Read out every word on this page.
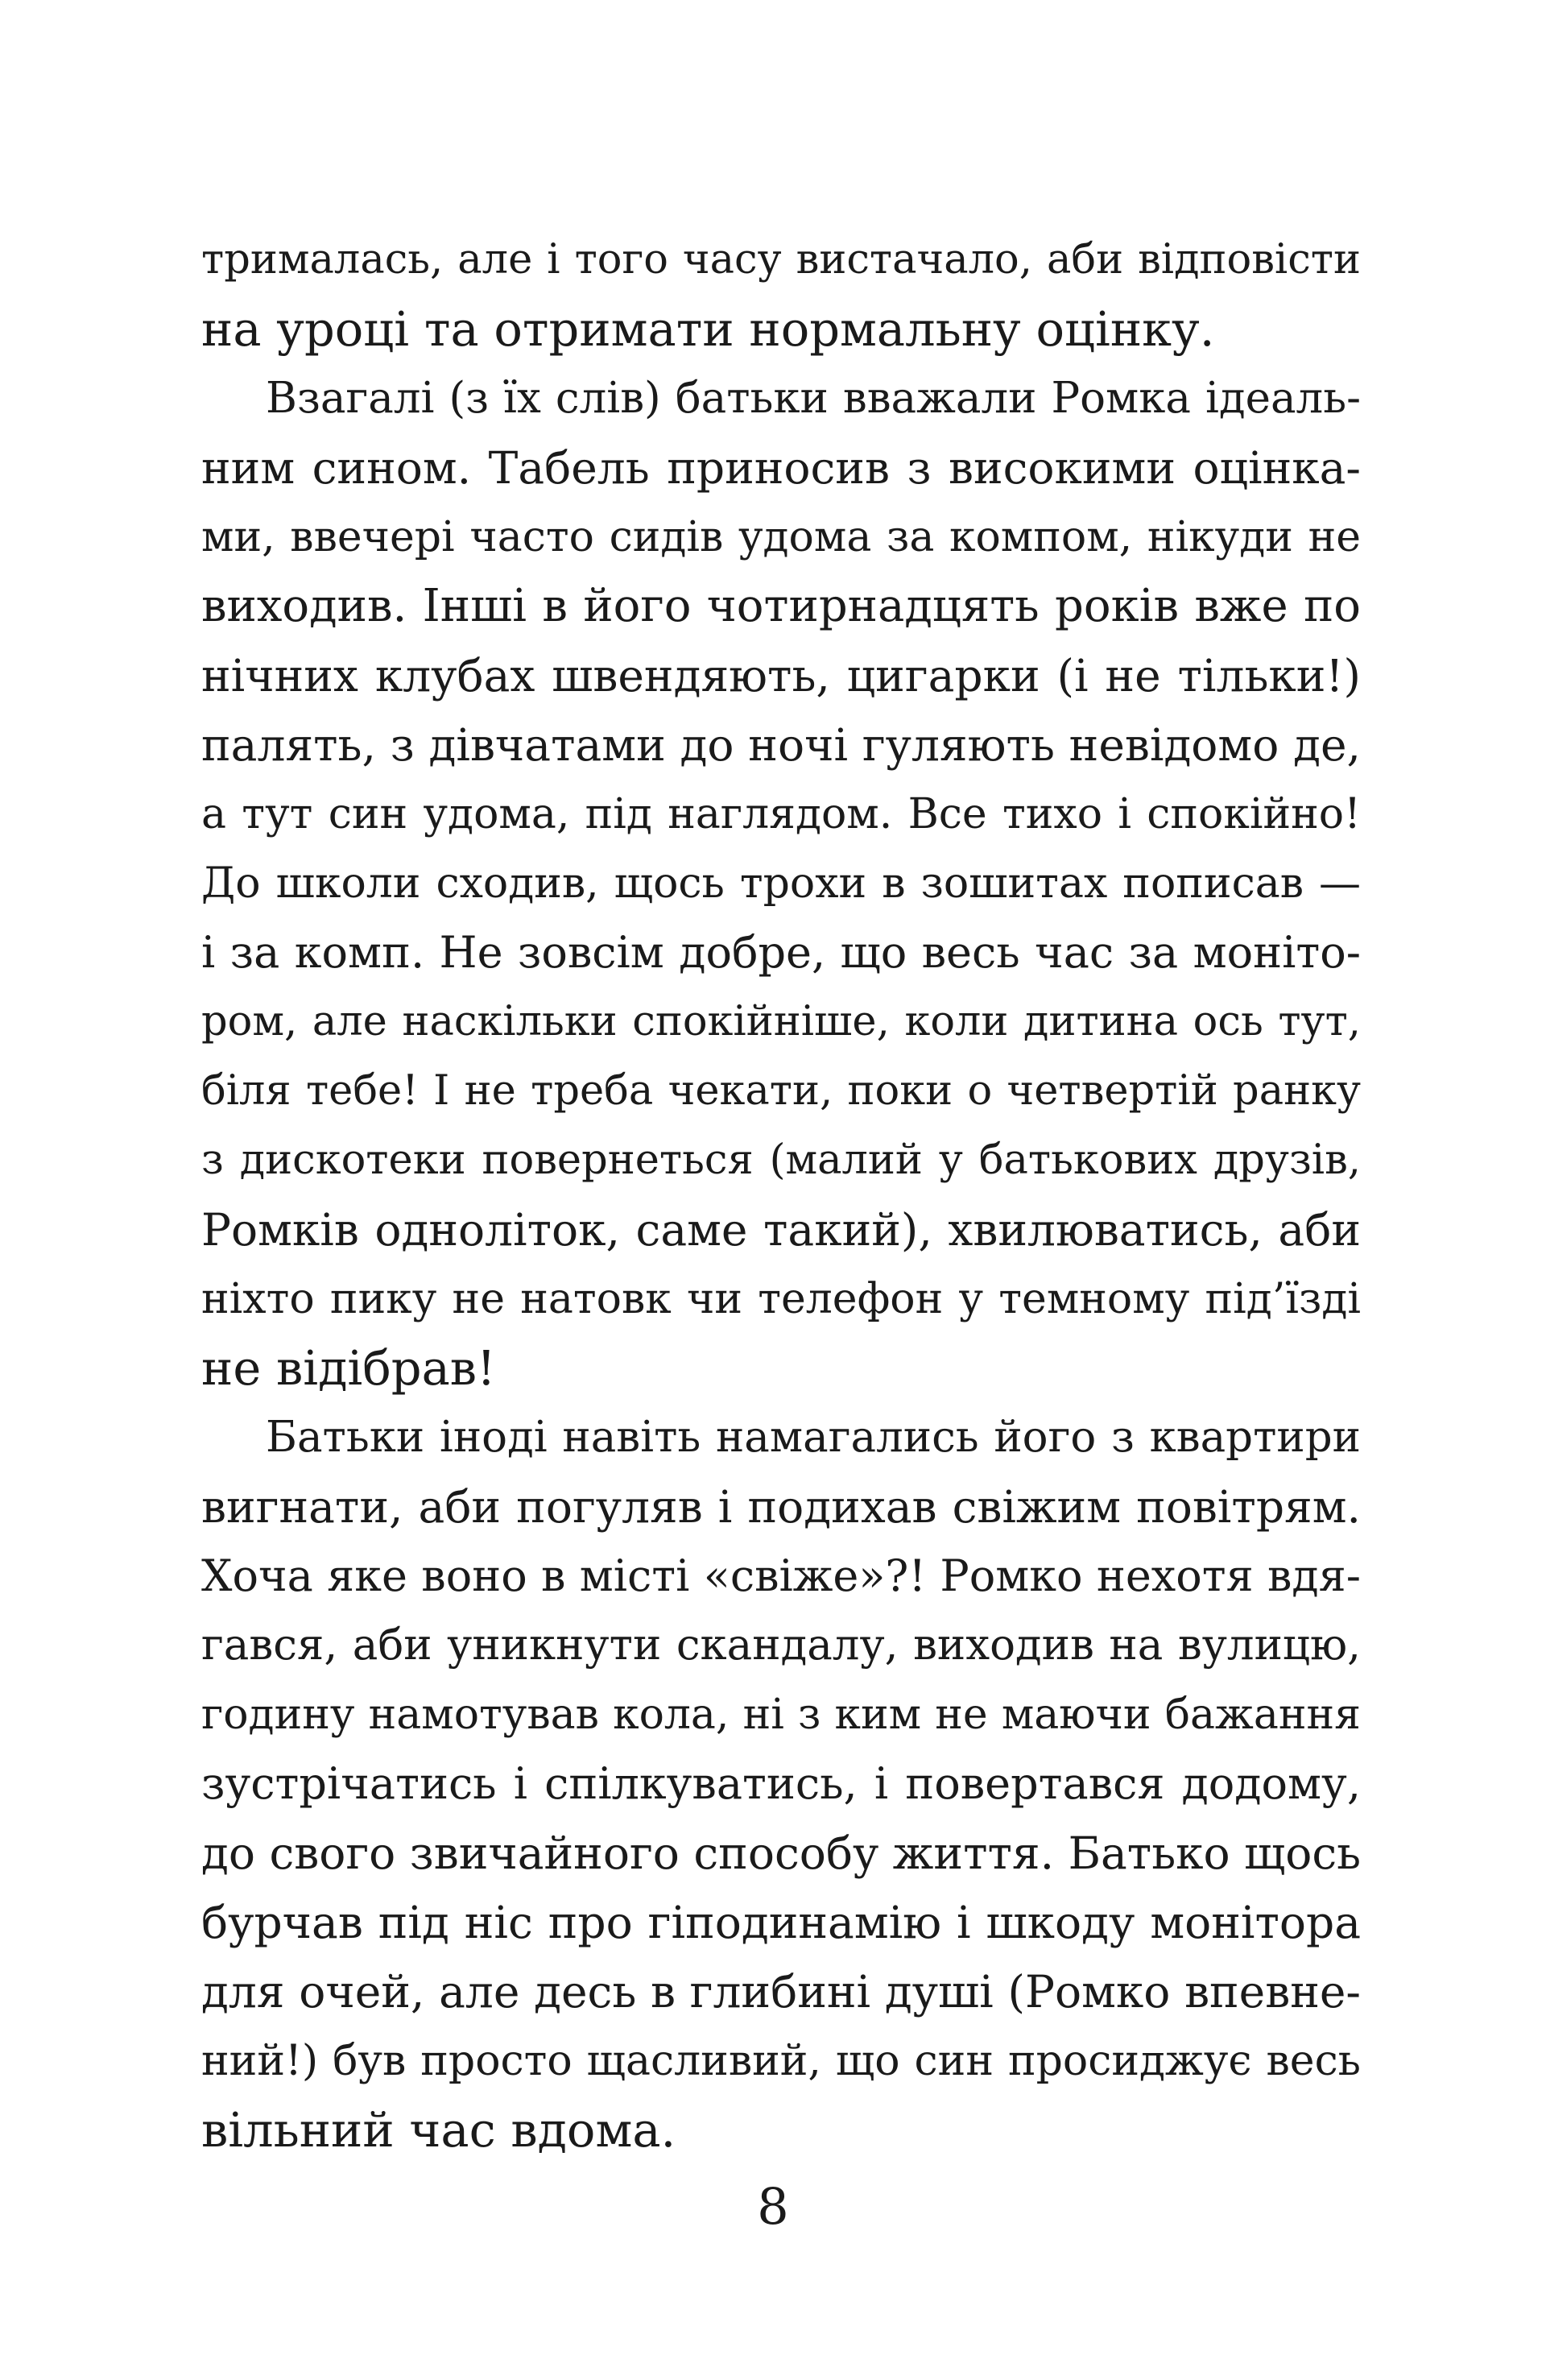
трималась, але і того часу вистачало, аби відповісти
на уроці та отримати нормальну оцінку.
Взагалі (з їх слів) батьки вважали Ромка ідеаль-
ним сином. Табель приносив з високими оцінка-
ми, ввечері часто сидів удома за компом, нікуди не
виходив. Інші в його чотирнадцять років вже по
нічних клубах швендяють, цигарки (і не тільки!)
палять, з дівчатами до ночі гуляють невідомо де,
а тут син удома, під наглядом. Все тихо і спокійно!
До школи сходив, щось трохи в зошитах пописав —
і за комп. Не зовсім добре, що весь час за моніто-
ром, але наскільки спокійніше, коли дитина ось тут,
біля тебе! І не треба чекати, поки о четвертій ранку
з дискотеки повернеться (малий у батькових друзів,
Ромків одноліток, саме такий), хвилюватись, аби
ніхто пику не натовк чи телефон у темному під’їзді
не відібрав!
Батьки іноді навіть намагались його з квартири
вигнати, аби погуляв і подихав свіжим повітрям.
Хоча яке воно в місті «свіже»?! Ромко нехотя вдя-
гався, аби уникнути скандалу, виходив на вулицю,
годину намотував кола, ні з ким не маючи бажання
зустрічатись і спілкуватись, і повертався додому,
до свого звичайного способу життя. Батько щось
бурчав під ніс про гіподинамію і шкоду монітора
для очей, але десь в глибині душі (Ромко впевне-
ний!) був просто щасливий, що син просиджує весь
вільний час вдома.
8
